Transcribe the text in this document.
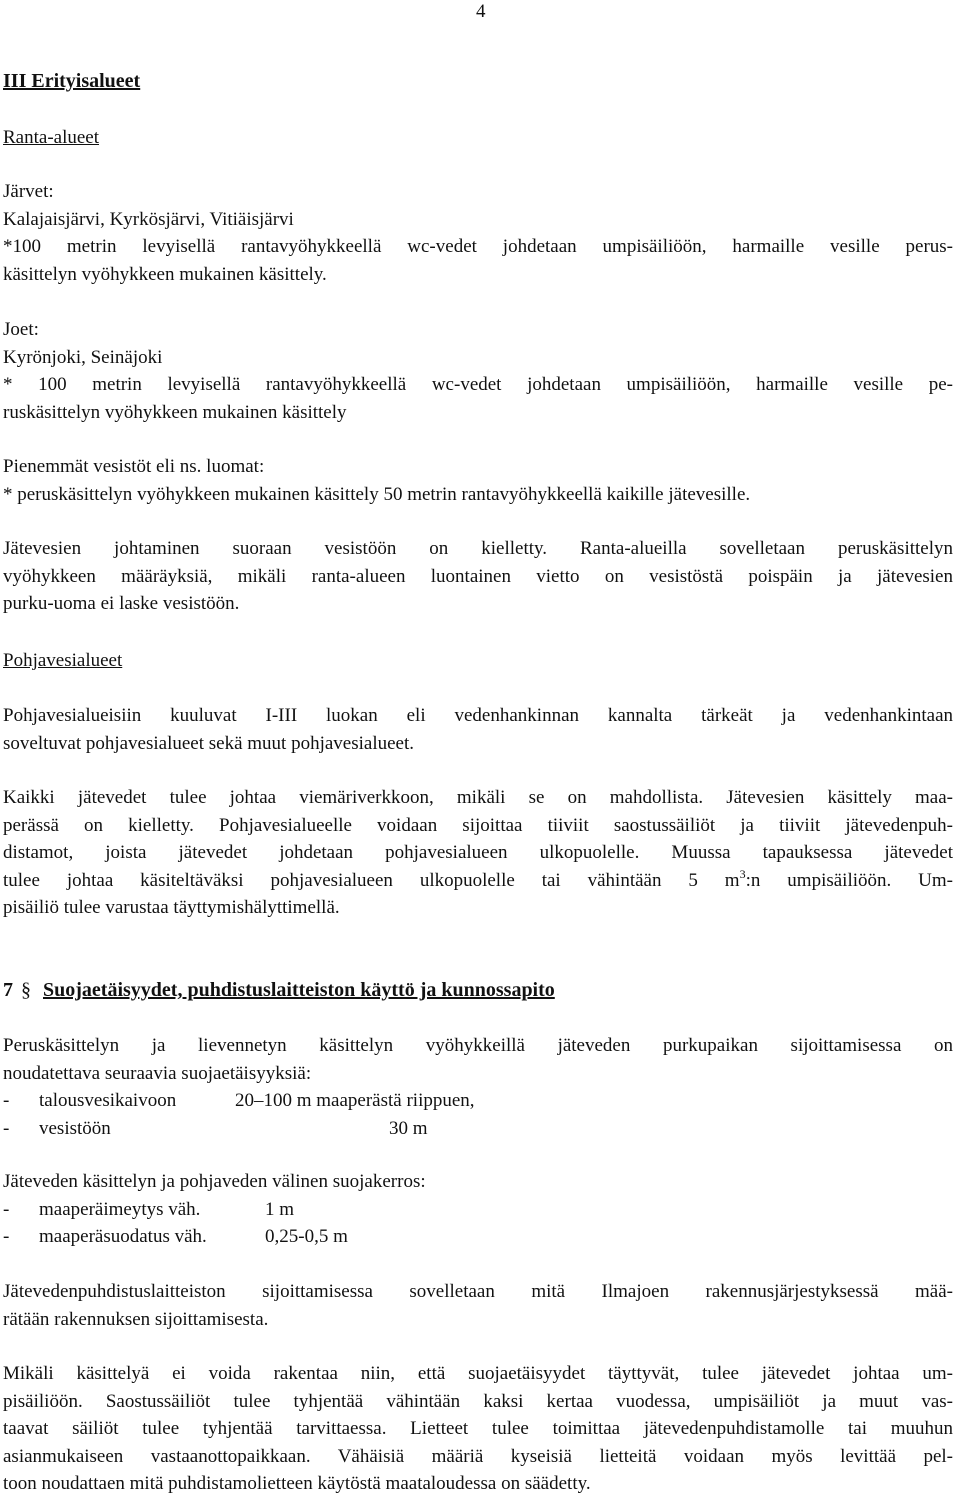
4
III Erityisalueet
Ranta-alueet
Järvet:
Kalajaisjärvi, Kyrkösjärvi, Vitiäisjärvi
*100 metrin levyisellä rantavyöhykkeellä wc-vedet johdetaan umpisäiliöön, harmaille vesille perus-
käsittelyn vyöhykkeen mukainen käsittely.
Joet:
Kyrönjoki, Seinäjoki
* 100 metrin levyisellä rantavyöhykkeellä wc-vedet johdetaan umpisäiliöön, harmaille vesille pe-
ruskäsittelyn vyöhykkeen mukainen käsittely
Pienemmät vesistöt eli ns. luomat:
* peruskäsittelyn vyöhykkeen mukainen käsittely 50 metrin rantavyöhykkeellä kaikille jätevesille.
Jätevesien johtaminen suoraan vesistöön on kielletty. Ranta-alueilla sovelletaan peruskäsittelyn
vyöhykkeen määräyksiä, mikäli ranta-alueen luontainen vietto on vesistöstä poispäin ja jätevesien
purku-uoma ei laske vesistöön.
Pohjavesialueet
Pohjavesialueisiin kuuluvat I-III luokan eli vedenhankinnan kannalta tärkeät ja vedenhankintaan
soveltuvat pohjavesialueet sekä muut pohjavesialueet.
Kaikki jätevedet tulee johtaa viemäriverkkoon, mikäli se on mahdollista. Jätevesien käsittely maa-
perässä on kielletty. Pohjavesialueelle voidaan sijoittaa tiiviit saostussäiliöt ja tiiviit jätevedenpuh-
distamot, joista jätevedet johdetaan pohjavesialueen ulkopuolelle. Muussa tapauksessa jätevedet
tulee johtaa käsiteltäväksi pohjavesialueen ulkopuolelle tai vähintään 5 $m^3:n$ umpisäiliöön. Um-
pisäiliö tulee varustaa täyttymishälyttimellä.
7 § Suojaetäisyydet, puhdistuslaitteiston käyttö ja kunnossapito
Peruskäsittelyn ja lievennetyn käsittelyn vyöhykkeillä jäteveden purkupaikan sijoittamisessa on
noudatettava seuraavia suojaetäisyyksiä:
-	talousvesikaivoon	20–100 m maaperästä riippuen,
-	vesistöön	30 m
Jäteveden käsittelyn ja pohjaveden välinen suojakerros:
-	maaperäimeytys väh.	1 m
-	maaperäsuodatus väh.	0,25-0,5 m
Jätevedenpuhdistuslaitteiston sijoittamisessa sovelletaan mitä Ilmajoen rakennusjärjestyksessä mää-
rätään rakennuksen sijoittamisesta.
Mikäli käsittelyä ei voida rakentaa niin, että suojaetäisyydet täyttyvät, tulee jätevedet johtaa um-
pisäiliöön. Saostussäiliöt tulee tyhjentää vähintään kaksi kertaa vuodessa, umpisäiliöt ja muut vas-
taavat säiliöt tulee tyhjentää tarvittaessa. Lietteet tulee toimittaa jätevedenpuhdistamolle tai muuhun
asianmukaiseen vastaanottopaikkaan. Vähäisiä määriä kyseisiä lietteitä voidaan myös levittää pel-
toon noudattaen mitä puhdistamolietteen käytöstä maataloudessa on säädetty.
